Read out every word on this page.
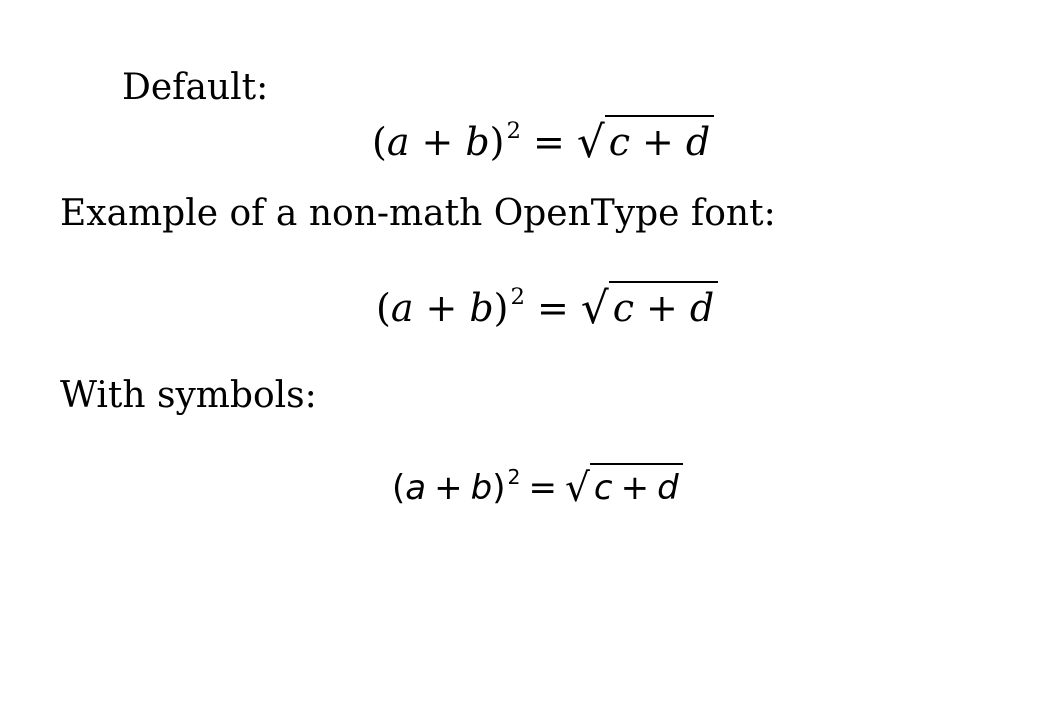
Default:
( a + b ) 2 = √ c + d
Example of a non-math OpenType font:
( a + b ) 2 = √ c + d
With symbols:
( a + b ) 2 = √ c + d
